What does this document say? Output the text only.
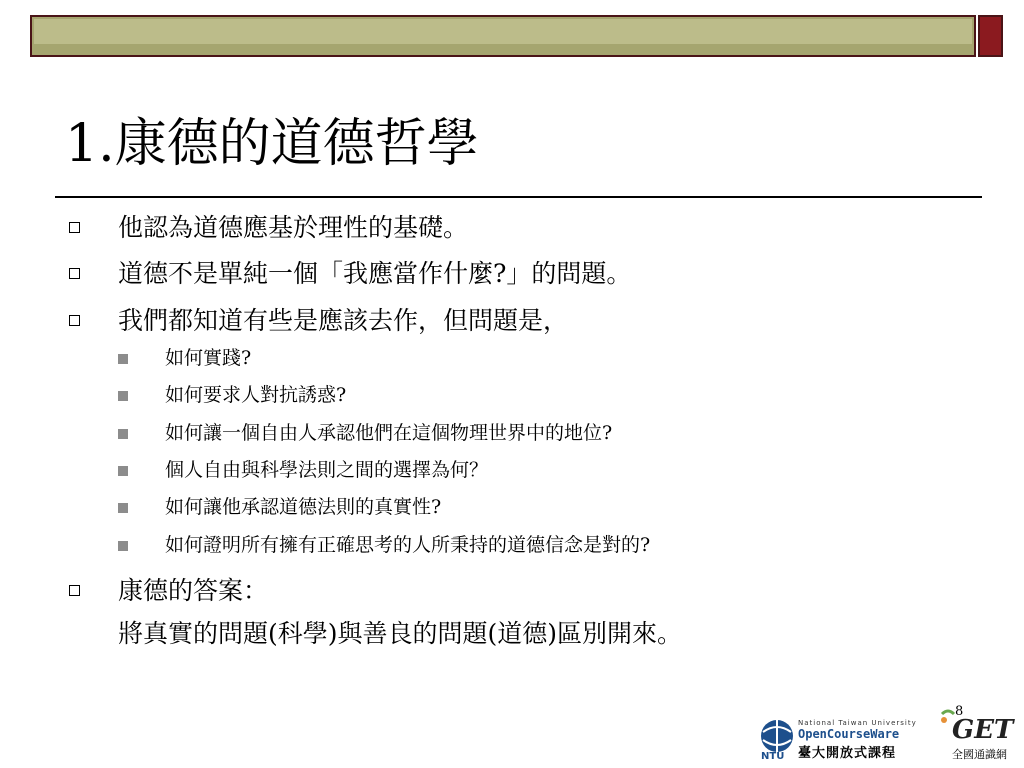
1.康德的道德哲學
他認為道德應基於理性的基礎。
道德不是單純一個「我應當作什麼?」的問題。
我們都知道有些是應該去作，但問題是，
如何實踐?
如何要求人對抗誘惑?
如何讓一個自由人承認他們在這個物理世界中的地位?
個人自由與科學法則之間的選擇為何？
如何讓他承認道德法則的真實性?
如何證明所有擁有正確思考的人所秉持的道德信念是對的?
康德的答案：
將真實的問題(科學)與善良的問題(道德)區別開來。
8
NTU
National Taiwan University
OpenCourseWare
臺大開放式課程
GET
全國通識網
